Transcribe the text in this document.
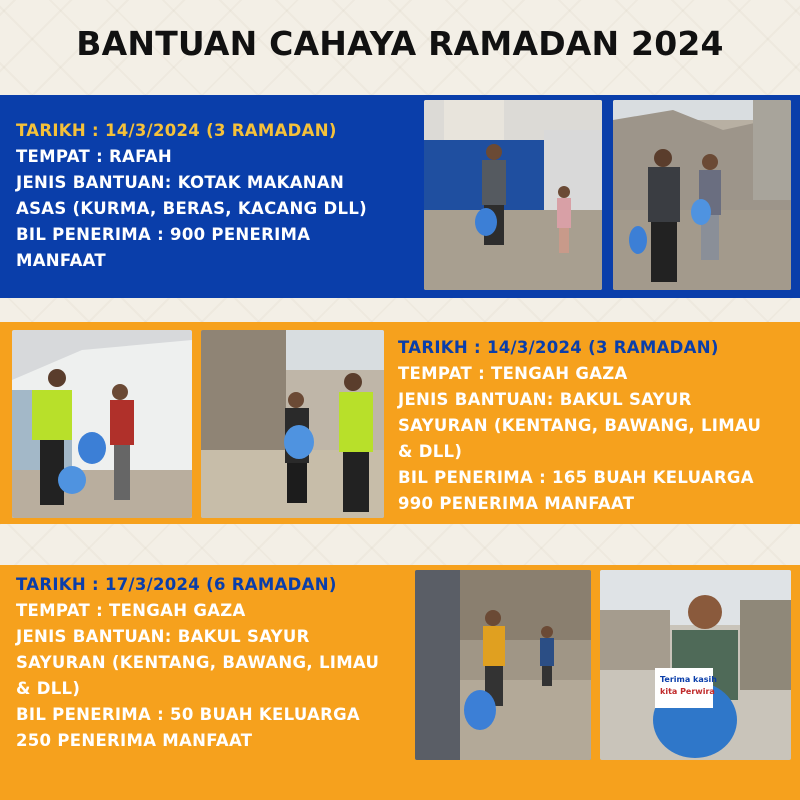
BANTUAN CAHAYA RAMADAN 2024
TARIKH : 14/3/2024 (3 RAMADAN)
TEMPAT : RAFAH
JENIS BANTUAN: KOTAK MAKANAN
ASAS (KURMA, BERAS, KACANG DLL)
BIL PENERIMA : 900 PENERIMA
MANFAAT
TARIKH : 14/3/2024 (3 RAMADAN)
TEMPAT : TENGAH GAZA
JENIS BANTUAN: BAKUL SAYUR
SAYURAN (KENTANG, BAWANG, LIMAU
& DLL)
BIL PENERIMA : 165 BUAH KELUARGA
990 PENERIMA MANFAAT
TARIKH : 17/3/2024 (6 RAMADAN)
TEMPAT : TENGAH GAZA
JENIS BANTUAN: BAKUL SAYUR
SAYURAN (KENTANG, BAWANG, LIMAU
& DLL)
BIL PENERIMA : 50 BUAH KELUARGA
250 PENERIMA MANFAAT
Terima kasih
kita Perwira
